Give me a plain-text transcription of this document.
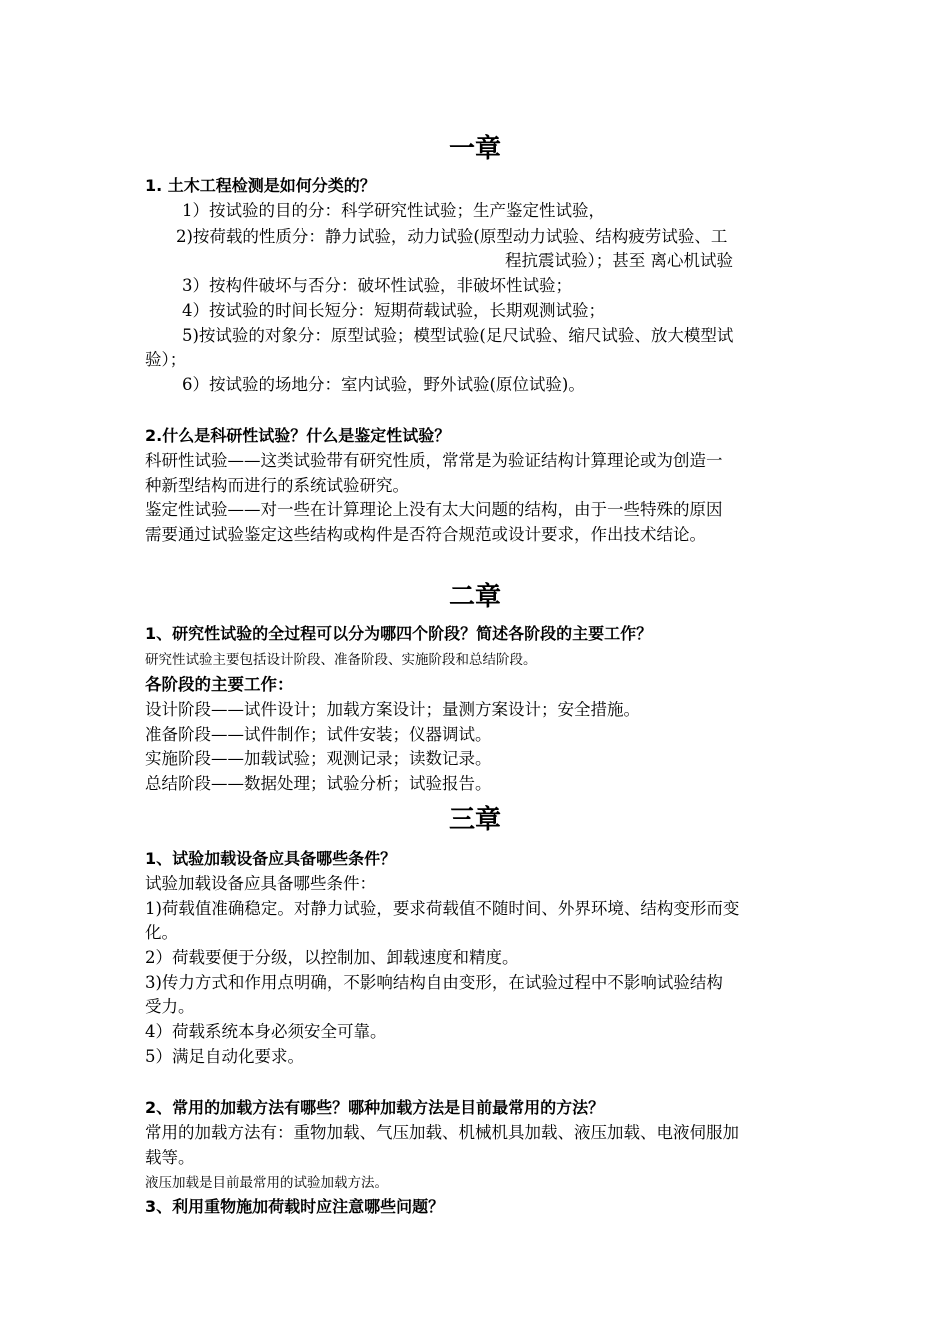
一章
1. 土木工程检测是如何分类的？
1）按试验的目的分：科学研究性试验；生产鉴定性试验，
2)按荷载的性质分：静力试验，动力试验(原型动力试验、结构疲劳试验、工
程抗震试验）；甚至 离心机试验
3）按构件破坏与否分：破坏性试验，非破坏性试验；
4）按试验的时间长短分：短期荷载试验，长期观测试验；
5)按试验的对象分：原型试验；模型试验(足尺试验、缩尺试验、放大模型试
验）；
6）按试验的场地分：室内试验，野外试验(原位试验)。
2.什么是科研性试验？什么是鉴定性试验？
科研性试验——这类试验带有研究性质，常常是为验证结构计算理论或为创造一
种新型结构而进行的系统试验研究。
鉴定性试验——对一些在计算理论上没有太大问题的结构，由于一些特殊的原因
需要通过试验鉴定这些结构或构件是否符合规范或设计要求，作出技术结论。
二章
1、研究性试验的全过程可以分为哪四个阶段？简述各阶段的主要工作？
研究性试验主要包括设计阶段、准备阶段、实施阶段和总结阶段。
各阶段的主要工作：
设计阶段——试件设计；加载方案设计；量测方案设计；安全措施。
准备阶段——试件制作；试件安装；仪器调试。
实施阶段——加载试验；观测记录；读数记录。
总结阶段——数据处理；试验分析；试验报告。
三章
1、试验加载设备应具备哪些条件？
试验加载设备应具备哪些条件：
1)荷载值准确稳定。对静力试验，要求荷载值不随时间、外界环境、结构变形而变
化。
2）荷载要便于分级，以控制加、卸载速度和精度。
3)传力方式和作用点明确，不影响结构自由变形，在试验过程中不影响试验结构
受力。
4）荷载系统本身必须安全可靠。
5）满足自动化要求。
2、常用的加载方法有哪些？哪种加载方法是目前最常用的方法？
常用的加载方法有：重物加载、气压加载、机械机具加载、液压加载、电液伺服加
载等。
液压加载是目前最常用的试验加载方法。
3、利用重物施加荷载时应注意哪些问题？
